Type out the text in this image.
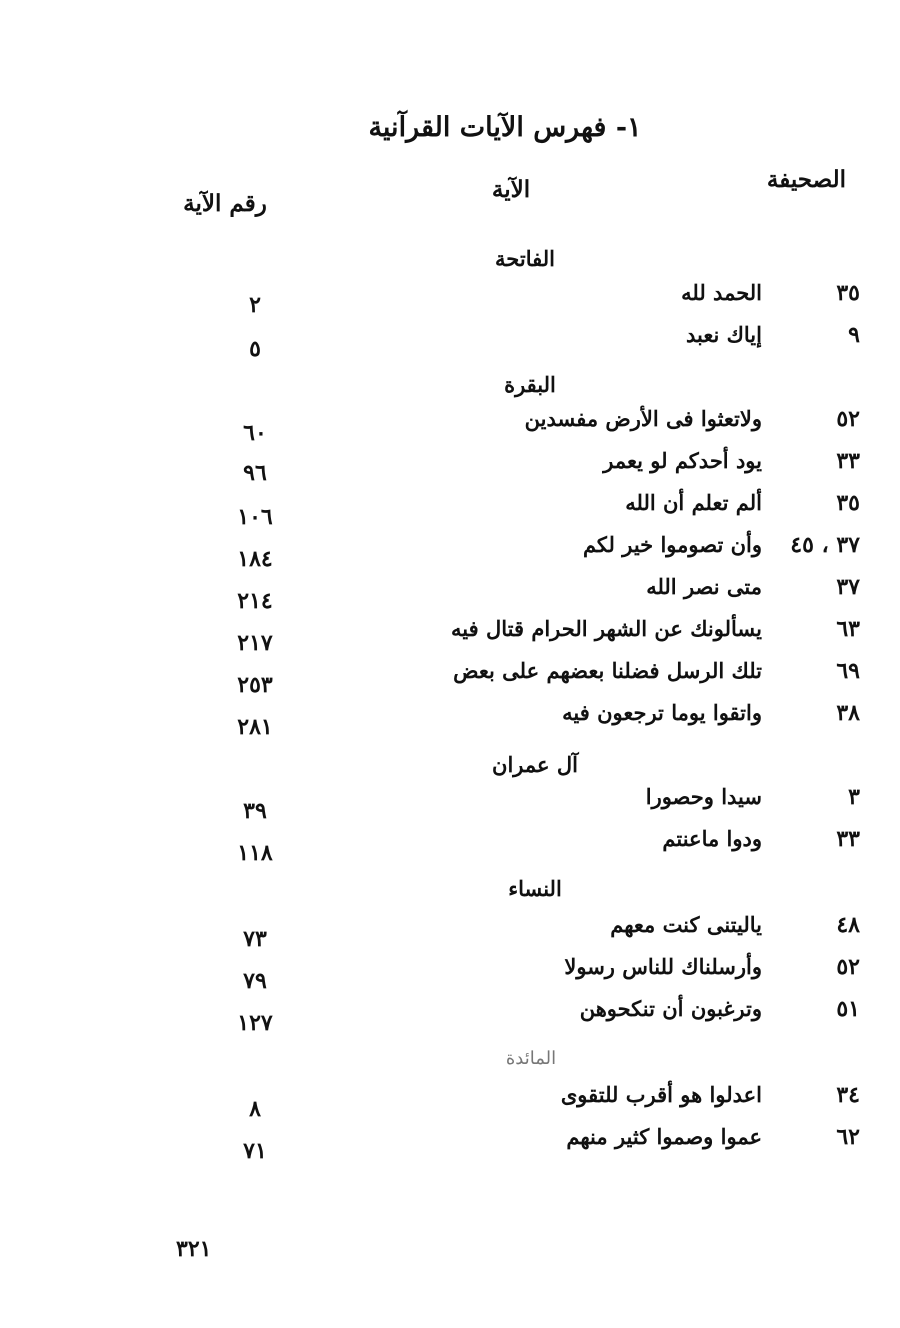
١- فهرس الآيات القرآنية
الصحيفة
الآية
رقم الآية
الفاتحة
٣٥
الحمد لله
٢
٩
إياك نعبد
٥
البقرة
٥٢
ولاتعثوا فى الأرض مفسدين
٦٠
٣٣
يود أحدكم لو يعمر
٩٦
٣٥
ألم تعلم أن الله
١٠٦
٣٧ ، ٤٥
وأن تصوموا خير لكم
١٨٤
٣٧
متى نصر الله
٢١٤
٦٣
يسألونك عن الشهر الحرام قتال فيه
٢١٧
٦٩
تلك الرسل فضلنا بعضهم على بعض
٢٥٣
٣٨
واتقوا يوما ترجعون فيه
٢٨١
آل عمران
٣
سيدا وحصورا
٣٩
٣٣
ودوا ماعنتم
١١٨
النساء
٤٨
ياليتنى كنت معهم
٧٣
٥٢
وأرسلناك للناس رسولا
٧٩
٥١
وترغبون أن تنكحوهن
١٢٧
المائدة
٣٤
اعدلوا هو أقرب للتقوى
٨
٦٢
عموا وصموا كثير منهم
٧١
٣٢١
